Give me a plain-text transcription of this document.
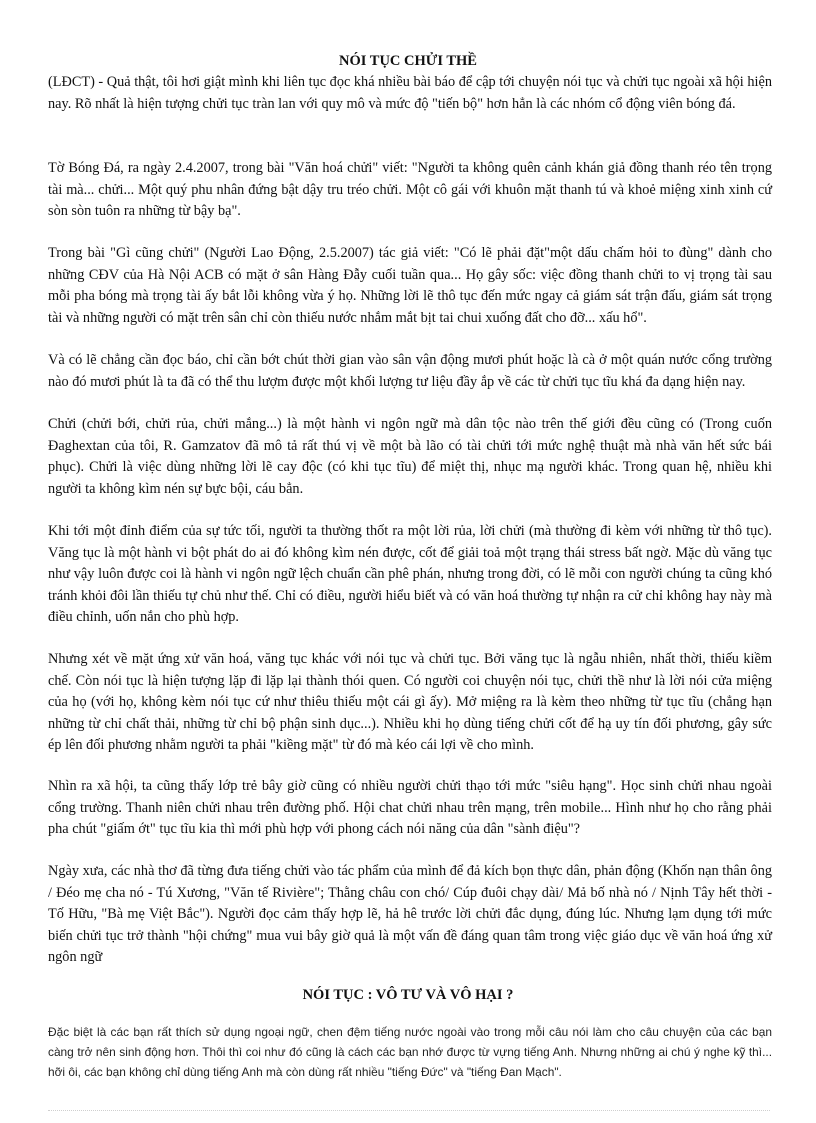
NÓI TỤC CHỬI THỀ

(LĐCT) - Quả thật, tôi hơi giật mình khi liên tục đọc khá nhiều bài báo để cập tới chuyện nói tục và chửi tục ngoài xã hội hiện nay. Rõ nhất là hiện tượng chửi tục tràn lan với quy mô và mức độ "tiến bộ" hơn hẳn là các nhóm cổ động viên bóng đá.

Tờ Bóng Đá, ra ngày 2.4.2007, trong bài "Văn hoá chửi" viết: "Người ta không quên cảnh khán giả đồng thanh réo tên trọng tài mà... chửi... Một quý phu nhân đứng bật dậy tru tréo chửi. Một cô gái với khuôn mặt thanh tú và khoẻ miệng xinh xinh cứ sòn sòn tuôn ra những từ bậy bạ".

Trong bài "Gì cũng chửi" (Người Lao Động, 2.5.2007) tác giả viết: "Có lẽ phải đặt"một dấu chấm hỏi to đùng" dành cho những CĐV của Hà Nội ACB có mặt ở sân Hàng Đẫy cuối tuần qua... Họ gây sốc: việc đồng thanh chửi to vị trọng tài sau mỗi pha bóng mà trọng tài ấy bắt lỗi không vừa ý họ. Những lời lẽ thô tục đến mức ngay cả giám sát trận đấu, giám sát trọng tài và những người có mặt trên sân chỉ còn thiếu nước nhắm mắt bịt tai chui xuống đất cho đỡ... xấu hổ".

Và có lẽ chẳng cần đọc báo, chỉ cần bớt chút thời gian vào sân vận động mươi phút hoặc là cà ở một quán nước cổng trường nào đó mươi phút là ta đã có thể thu lượm được một khối lượng tư liệu đầy ắp về các từ chửi tục tĩu khá đa dạng hiện nay.

Chửi (chửi bới, chửi rủa, chửi mắng...) là một hành vi ngôn ngữ mà dân tộc nào trên thế giới đều cũng có (Trong cuốn Đaghextan của tôi, R. Gamzatov đã mô tả rất thú vị về một bà lão có tài chửi tới mức nghệ thuật mà nhà văn hết sức bái phục). Chửi là việc dùng những lời lẽ cay độc (có khi tục tĩu) để miệt thị, nhục mạ người khác. Trong quan hệ, nhiều khi người ta không kìm nén sự bực bội, cáu bẳn.

Khi tới một đỉnh điểm của sự tức tối, người ta thường thốt ra một lời rủa, lời chửi (mà thường đi kèm với những từ thô tục). Văng tục là một hành vi bột phát do ai đó không kìm nén được, cốt để giải toả một trạng thái stress bất ngờ. Mặc dù văng tục như vậy luôn được coi là hành vi ngôn ngữ lệch chuẩn cần phê phán, nhưng trong đời, có lẽ mỗi con người chúng ta cũng khó tránh khỏi đôi lần thiếu tự chủ như thế. Chỉ có điều, người hiểu biết và có văn hoá thường tự nhận ra cử chỉ không hay này mà điều chỉnh, uốn nắn cho phù hợp.

Nhưng xét về mặt ứng xử văn hoá, văng tục khác với nói tục và chửi tục. Bởi văng tục là ngẫu nhiên, nhất thời, thiếu kiềm chế. Còn nói tục là hiện tượng lặp đi lặp lại thành thói quen. Có người coi chuyện nói tục, chửi thề như là lời nói cửa miệng của họ (với họ, không kèm nói tục cứ như thiêu thiếu một cái gì ấy). Mở miệng ra là kèm theo những từ tục tĩu (chẳng hạn những từ chỉ chất thải, những từ chỉ bộ phận sinh dục...). Nhiều khi họ dùng tiếng chửi cốt để hạ uy tín đối phương, gây sức ép lên đối phương nhằm người ta phải "kiềng mặt" từ đó mà kéo cái lợi về cho mình.

Nhìn ra xã hội, ta cũng thấy lớp trẻ bây giờ cũng có nhiều người chửi thạo tới mức "siêu hạng". Học sinh chửi nhau ngoài cổng trường. Thanh niên chửi nhau trên đường phố. Hội chat chửi nhau trên mạng, trên mobile... Hình như họ cho rằng phải pha chút "giấm ớt" tục tĩu kia thì mới phù hợp với phong cách nói năng của dân "sành điệu"?

Ngày xưa, các nhà thơ đã từng đưa tiếng chửi vào tác phẩm của mình để đả kích bọn thực dân, phản động (Khốn nạn thân ông / Đéo mẹ cha nó - Tú Xương, "Văn tế Rivière"; Thằng châu con chó/ Cúp đuôi chạy dài/ Mả bố nhà nó / Nịnh Tây hết thời - Tố Hữu, "Bà mẹ Việt Bắc"). Người đọc cảm thấy hợp lẽ, hả hê trước lời chửi đắc dụng, đúng lúc. Nhưng lạm dụng tới mức biến chửi tục trở thành "hội chứng" mua vui bây giờ quả là một vấn đề đáng quan tâm trong việc giáo dục về văn hoá ứng xử ngôn ngữ

NÓI TỤC : VÔ TƯ VÀ VÔ HẠI ?

Đặc biệt là các bạn rất thích sử dụng ngoại ngữ, chen đệm tiếng nước ngoài vào trong mỗi câu nói làm cho câu chuyện của các bạn càng trở nên sinh động hơn. Thôi thì coi như đó cũng là cách các bạn nhớ được từ vựng tiếng Anh. Nhưng những ai chú ý nghe kỹ thì... hỡi ôi, các bạn không chỉ dùng tiếng Anh mà còn dùng rất nhiều "tiếng Đức" và "tiếng Đan Mạch".
